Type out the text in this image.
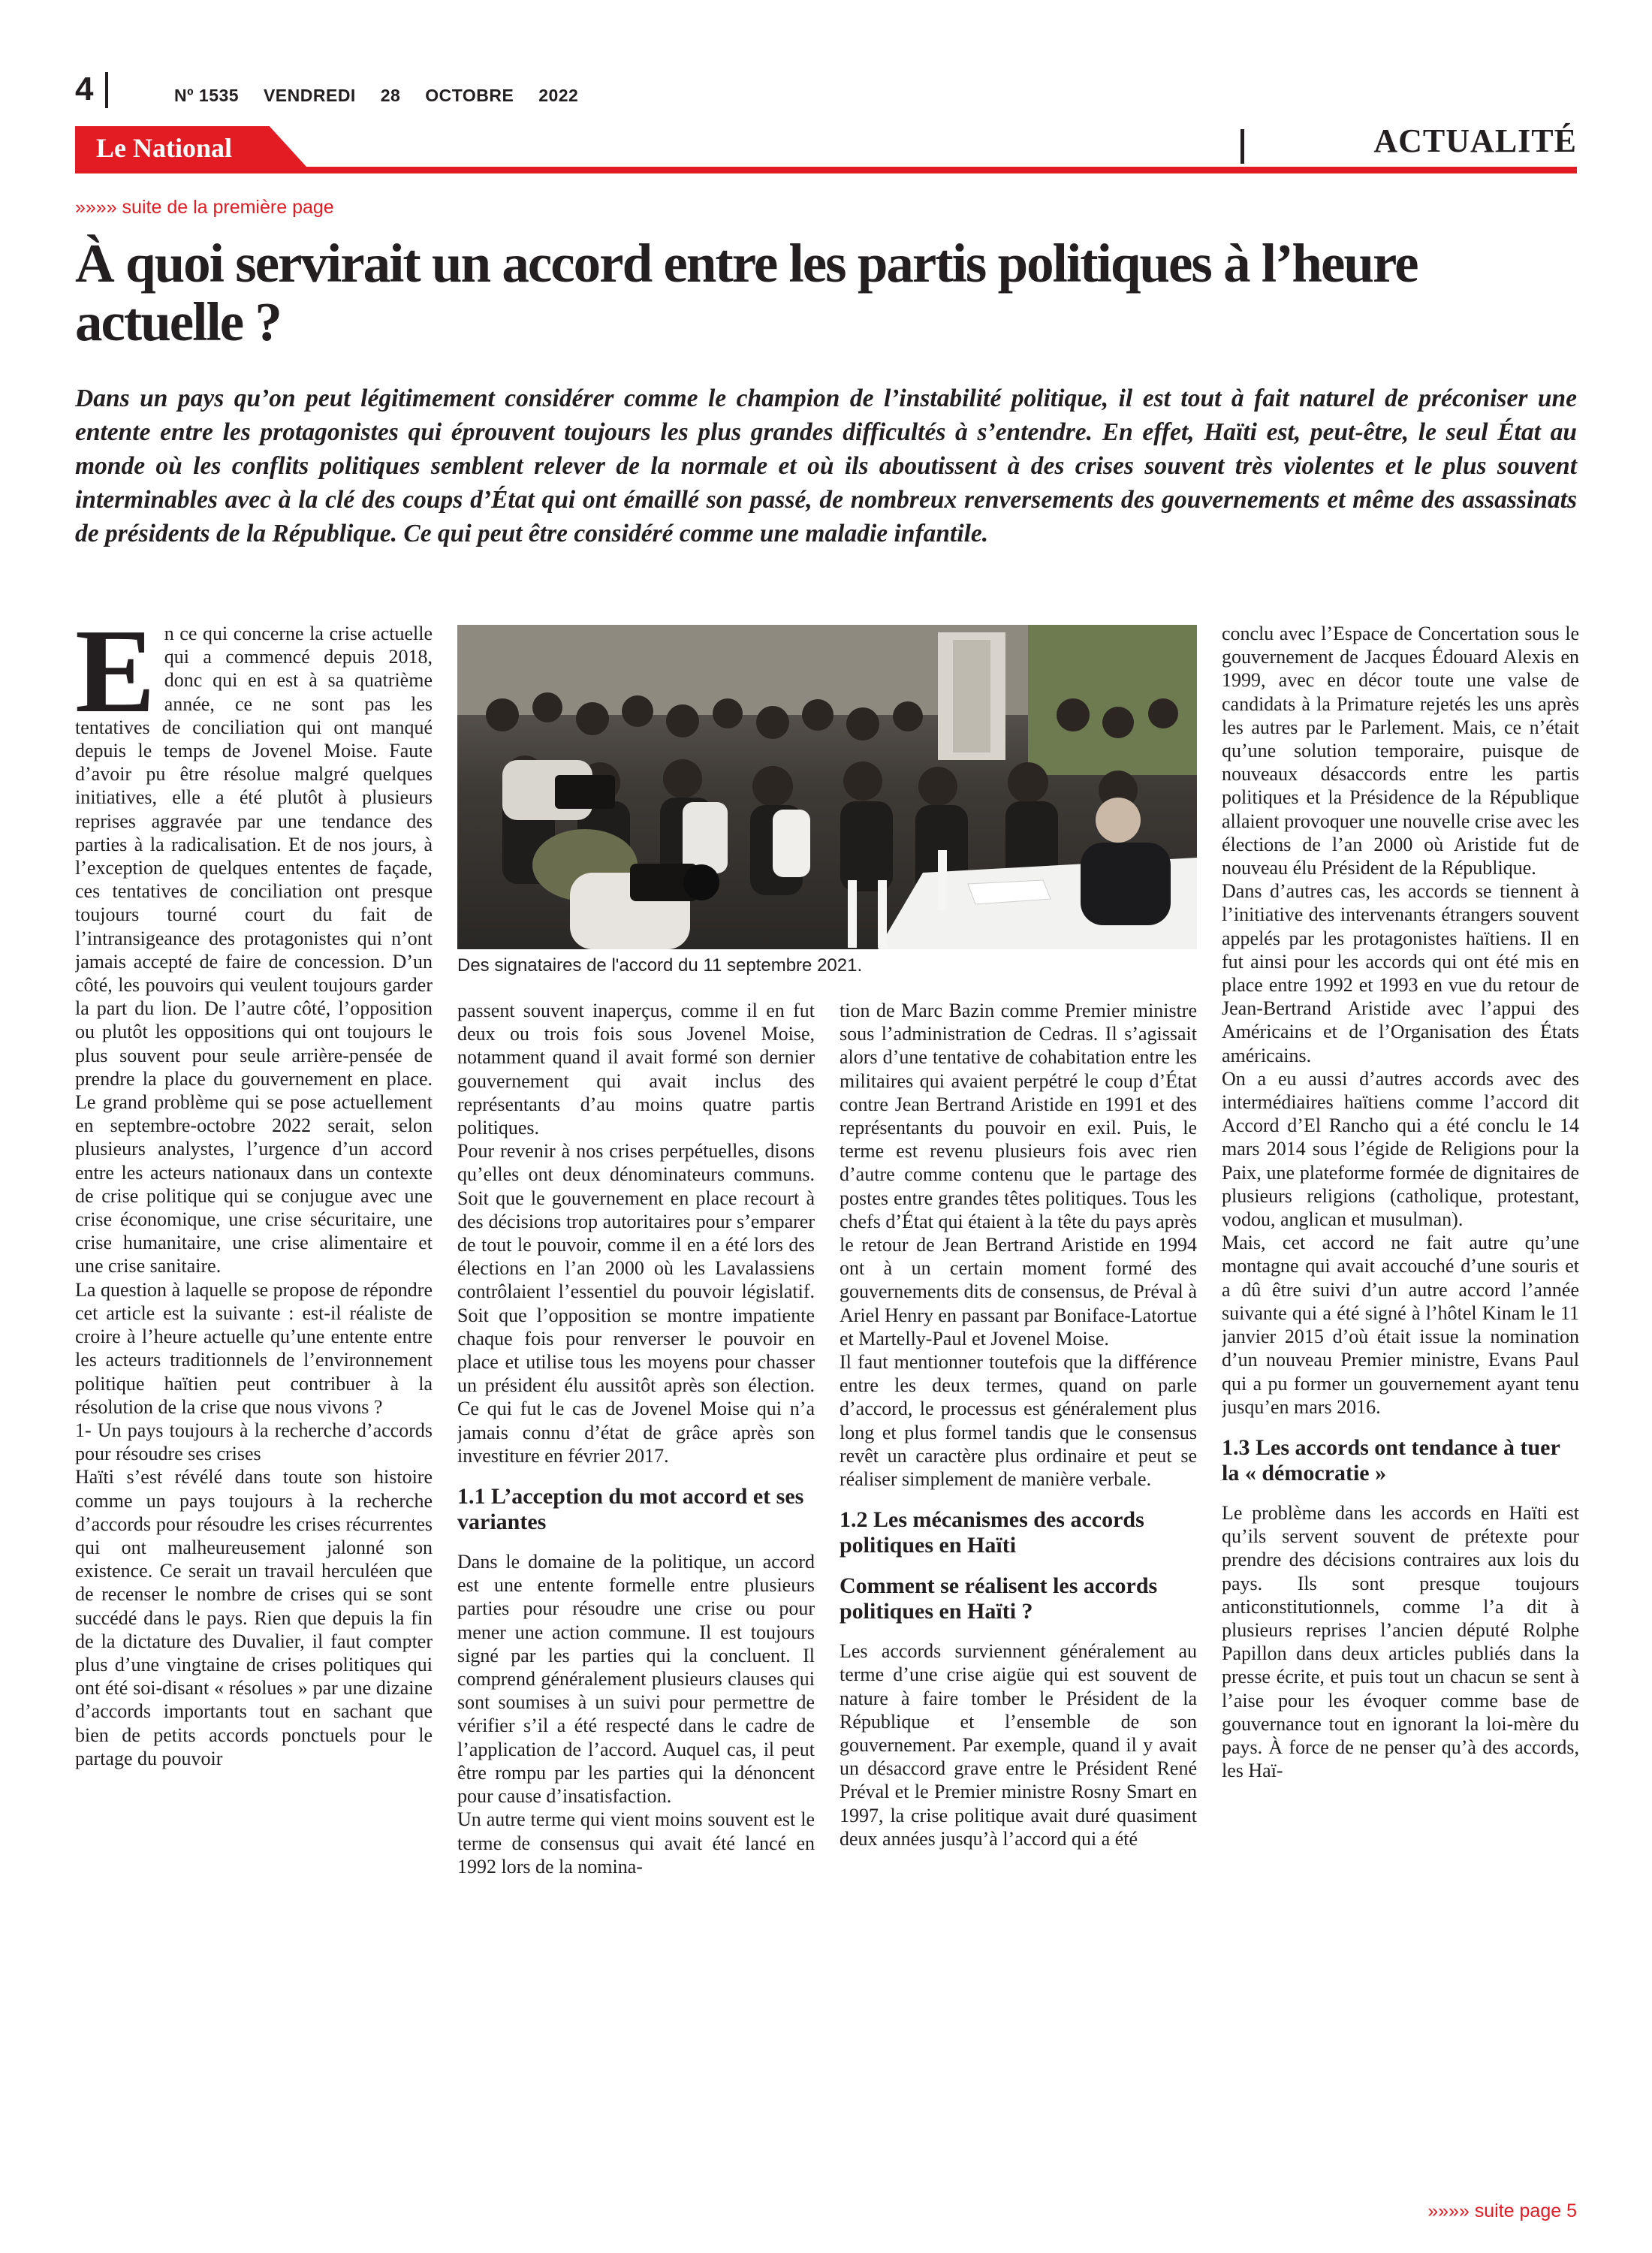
4	Nº 1535 VENDREDI 28 OCTOBRE 2022
Le National	ACTUALITÉ
»»»» suite de la première page
À quoi servirait un accord entre les partis politiques à l’heure actuelle ?

Dans un pays qu’on peut légitimement considérer comme le champion de l’instabilité politique, il est tout à fait naturel de préconiser une entente entre les protagonistes qui éprouvent toujours les plus grandes difficultés à s’entendre. En effet, Haïti est, peut-être, le seul État au monde où les conflits politiques semblent relever de la normale et où ils aboutissent à des crises souvent très violentes et le plus souvent interminables avec à la clé des coups d’État qui ont émaillé son passé, de nombreux renversements des gouvernements et même des assassinats de présidents de la République. Ce qui peut être considéré comme une maladie infantile.

En ce qui concerne la crise actuelle qui a commencé depuis 2018, donc qui en est à sa quatrième année, ce ne sont pas les tentatives de conciliation qui ont manqué depuis le temps de Jovenel Moise. Faute d’avoir pu être résolue malgré quelques initiatives, elle a été plutôt à plusieurs reprises aggravée par une tendance des parties à la radicalisation. Et de nos jours, à l’exception de quelques ententes de façade, ces tentatives de conciliation ont presque toujours tourné court du fait de l’intransigeance des protagonistes qui n’ont jamais accepté de faire de concession. D’un côté, les pouvoirs qui veulent toujours garder la part du lion. De l’autre côté, l’opposition ou plutôt les oppositions qui ont toujours le plus souvent pour seule arrière-pensée de prendre la place du gouvernement en place. Le grand problème qui se pose actuellement en septembre-octobre 2022 serait, selon plusieurs analystes, l’urgence d’un accord entre les acteurs nationaux dans un contexte de crise politique qui se conjugue avec une crise économique, une crise sécuritaire, une crise humanitaire, une crise alimentaire et une crise sanitaire.

La question à laquelle se propose de répondre cet article est la suivante : est-il réaliste de croire à l’heure actuelle qu’une entente entre les acteurs traditionnels de l’environnement politique haïtien peut contribuer à la résolution de la crise que nous vivons ?

1- Un pays toujours à la recherche d’accords pour résoudre ses crises

Haïti s’est révélé dans toute son histoire comme un pays toujours à la recherche d’accords pour résoudre les crises récurrentes qui ont malheureusement jalonné son existence. Ce serait un travail herculéen que de recenser le nombre de crises qui se sont succédé dans le pays. Rien que depuis la fin de la dictature des Duvalier, il faut compter plus d’une vingtaine de crises politiques qui ont été soi-disant « résolues » par une dizaine d’accords importants tout en sachant que bien de petits accords ponctuels pour le partage du pouvoir

Des signataires de l'accord du 11 septembre 2021.

passent souvent inaperçus, comme il en fut deux ou trois fois sous Jovenel Moise, notamment quand il avait formé son dernier gouvernement qui avait inclus des représentants d’au moins quatre partis politiques.

Pour revenir à nos crises perpétuelles, disons qu’elles ont deux dénominateurs communs. Soit que le gouvernement en place recourt à des décisions trop autoritaires pour s’emparer de tout le pouvoir, comme il en a été lors des élections en l’an 2000 où les Lavalassiens contrôlaient l’essentiel du pouvoir législatif. Soit que l’opposition se montre impatiente chaque fois pour renverser le pouvoir en place et utilise tous les moyens pour chasser un président élu aussitôt après son élection. Ce qui fut le cas de Jovenel Moise qui n’a jamais connu d’état de grâce après son investiture en février 2017.

1.1 L’acception du mot accord et ses variantes

Dans le domaine de la politique, un accord est une entente formelle entre plusieurs parties pour résoudre une crise ou pour mener une action commune. Il est toujours signé par les parties qui la concluent. Il comprend généralement plusieurs clauses qui sont soumises à un suivi pour permettre de vérifier s’il a été respecté dans le cadre de l’application de l’accord. Auquel cas, il peut être rompu par les parties qui la dénoncent pour cause d’insatisfaction.

Un autre terme qui vient moins souvent est le terme de consensus qui avait été lancé en 1992 lors de la nomina-

tion de Marc Bazin comme Premier ministre sous l’administration de Cedras. Il s’agissait alors d’une tentative de cohabitation entre les militaires qui avaient perpétré le coup d’État contre Jean Bertrand Aristide en 1991 et des représentants du pouvoir en exil. Puis, le terme est revenu plusieurs fois avec rien d’autre comme contenu que le partage des postes entre grandes têtes politiques. Tous les chefs d’État qui étaient à la tête du pays après le retour de Jean Bertrand Aristide en 1994 ont à un certain moment formé des gouvernements dits de consensus, de Préval à Ariel Henry en passant par Boniface-Latortue et Martelly-Paul et Jovenel Moise.

Il faut mentionner toutefois que la différence entre les deux termes, quand on parle d’accord, le processus est généralement plus long et plus formel tandis que le consensus revêt un caractère plus ordinaire et peut se réaliser simplement de manière verbale.

1.2 Les mécanismes des accords politiques en Haïti
Comment se réalisent les accords politiques en Haïti ?

Les accords surviennent généralement au terme d’une crise aigüe qui est souvent de nature à faire tomber le Président de la République et l’ensemble de son gouvernement. Par exemple, quand il y avait un désaccord grave entre le Président René Préval et le Premier ministre Rosny Smart en 1997, la crise politique avait duré quasiment deux années jusqu’à l’accord qui a été

conclu avec l’Espace de Concertation sous le gouvernement de Jacques Édouard Alexis en 1999, avec en décor toute une valse de candidats à la Primature rejetés les uns après les autres par le Parlement. Mais, ce n’était qu’une solution temporaire, puisque de nouveaux désaccords entre les partis politiques et la Présidence de la République allaient provoquer une nouvelle crise avec les élections de l’an 2000 où Aristide fut de nouveau élu Président de la République.

Dans d’autres cas, les accords se tiennent à l’initiative des intervenants étrangers souvent appelés par les protagonistes haïtiens. Il en fut ainsi pour les accords qui ont été mis en place entre 1992 et 1993 en vue du retour de Jean-Bertrand Aristide avec l’appui des Américains et de l’Organisation des États américains.

On a eu aussi d’autres accords avec des intermédiaires haïtiens comme l’accord dit Accord d’El Rancho qui a été conclu le 14 mars 2014 sous l’égide de Religions pour la Paix, une plateforme formée de dignitaires de plusieurs religions (catholique, protestant, vodou, anglican et musulman).

Mais, cet accord ne fait autre qu’une montagne qui avait accouché d’une souris et a dû être suivi d’un autre accord l’année suivante qui a été signé à l’hôtel Kinam le 11 janvier 2015 d’où était issue la nomination d’un nouveau Premier ministre, Evans Paul qui a pu former un gouvernement ayant tenu jusqu’en mars 2016.

1.3 Les accords ont tendance à tuer la « démocratie »

Le problème dans les accords en Haïti est qu’ils servent souvent de prétexte pour prendre des décisions contraires aux lois du pays. Ils sont presque toujours anticonstitutionnels, comme l’a dit à plusieurs reprises l’ancien député Rolphe Papillon dans deux articles publiés dans la presse écrite, et puis tout un chacun se sent à l’aise pour les évoquer comme base de gouvernance tout en ignorant la loi-mère du pays. À force de ne penser qu’à des accords, les Haï-

»»»» suite page 5
